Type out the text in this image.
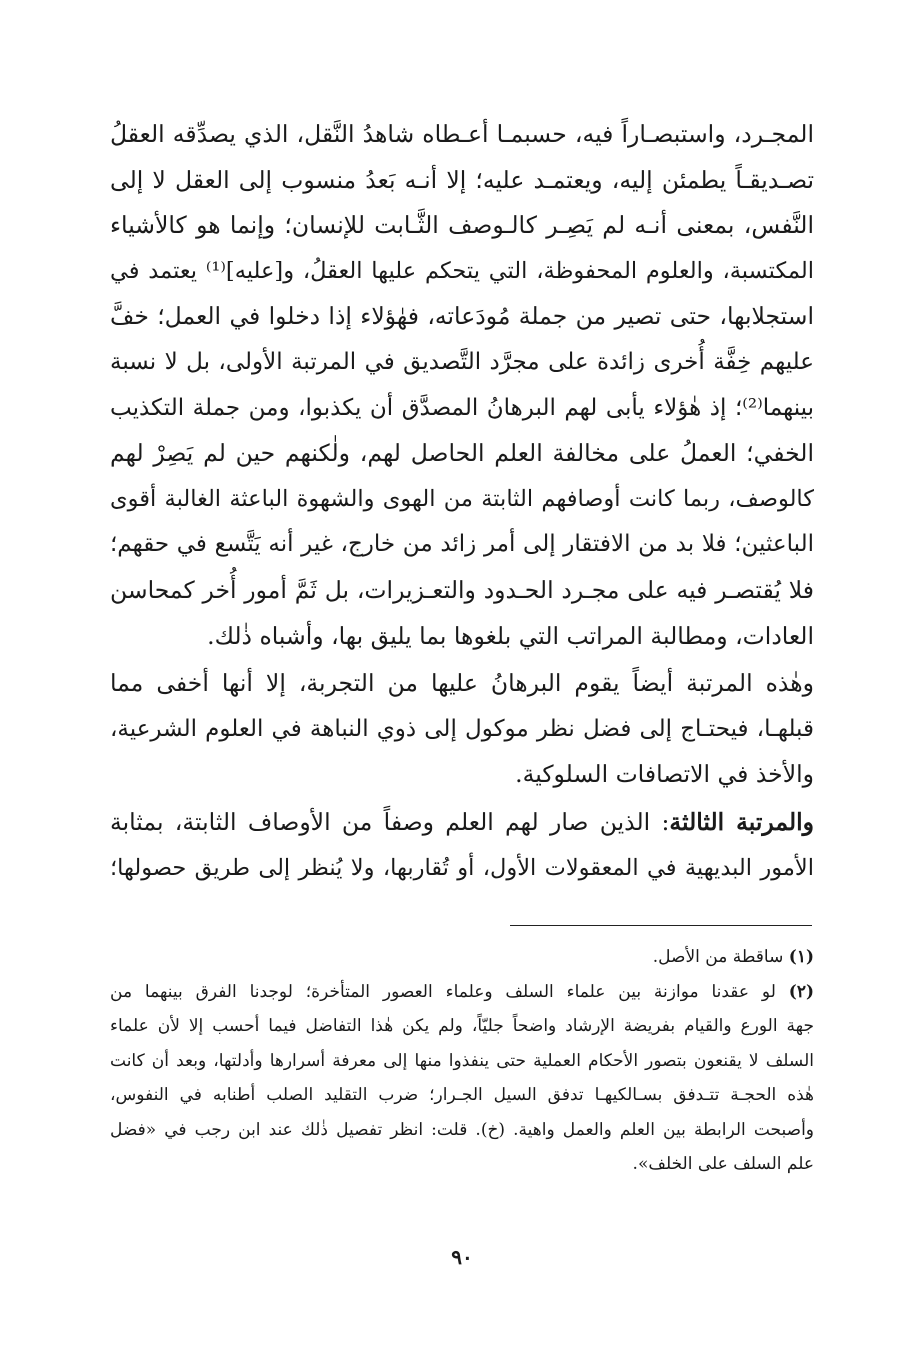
المجـرد، واستبصـاراً فيه، حسبمـا أعـطاه شاهدُ النَّقل، الذي يصدِّقه العقلُ
تصـديقـاً يطمئن إليه، ويعتمـد عليه؛ إلا أنـه بَعدُ منسوب إلى العقل لا إلى
النَّفس، بمعنى أنـه لم يَصِـر كالـوصف الثَّـابت للإنسان؛ وإنما هو كالأشياء
المكتسبة، والعلوم المحفوظة، التي يتحكم عليها العقلُ، و[عليه]⁽¹⁾ يعتمد في
استجلابها، حتى تصير من جملة مُودَعاته، فهٰؤلاء إذا دخلوا في العمل؛ خفَّ
عليهم خِفَّة أُخرى زائدة على مجرَّد التَّصديق في المرتبة الأولى، بل لا نسبة
بينهما⁽²⁾؛ إذ هٰؤلاء يأبى لهم البرهانُ المصدَّق أن يكذبوا، ومن جملة التكذيب
الخفي؛ العملُ على مخالفة العلم الحاصل لهم، ولٰكنهم حين لم يَصِرْ لهم
كالوصف، ربما كانت أوصافهم الثابتة من الهوى والشهوة الباعثة الغالبة أقوى
الباعثين؛ فلا بد من الافتقار إلى أمر زائد من خارج، غير أنه يَتَّسع في حقهم؛
فلا يُقتصـر فيه على مجـرد الحـدود والتعـزيرات، بل ثَمَّ أمور أُخر كمحاسن
العادات، ومطالبة المراتب التي بلغوها بما يليق بها، وأشباه ذٰلك.
وهٰذه المرتبة أيضاً يقوم البرهانُ عليها من التجربة، إلا أنها أخفى مما
قبلهـا، فيحتـاج إلى فضل نظر موكول إلى ذوي النباهة في العلوم الشرعية،
والأخذ في الاتصافات السلوكية.
والمرتبة الثالثة: الذين صار لهم العلم وصفاً من الأوصاف الثابتة، بمثابة
الأمور البديهية في المعقولات الأول، أو تُقاربها، ولا يُنظر إلى طريق حصولها؛
(١) ساقطة من الأصل.
(٢) لو عقدنا موازنة بين علماء السلف وعلماء العصور المتأخرة؛ لوجدنا الفرق بينهما من
جهة الورع والقيام بفريضة الإرشاد واضحاً جليّاً، ولم يكن هٰذا التفاضل فيما أحسب إلا لأن علماء
السلف لا يقنعون بتصور الأحكام العملية حتى ينفذوا منها إلى معرفة أسرارها وأدلتها، وبعد أن كانت
هٰذه الحجـة تتـدفق بسـالكيهـا تدفق السيل الجـرار؛ ضرب التقليد الصلب أطنابه في النفوس،
وأصبحت الرابطة بين العلم والعمل واهية. (خ). قلت: انظر تفصيل ذٰلك عند ابن رجب في «فضل
علم السلف على الخلف».
٩٠
